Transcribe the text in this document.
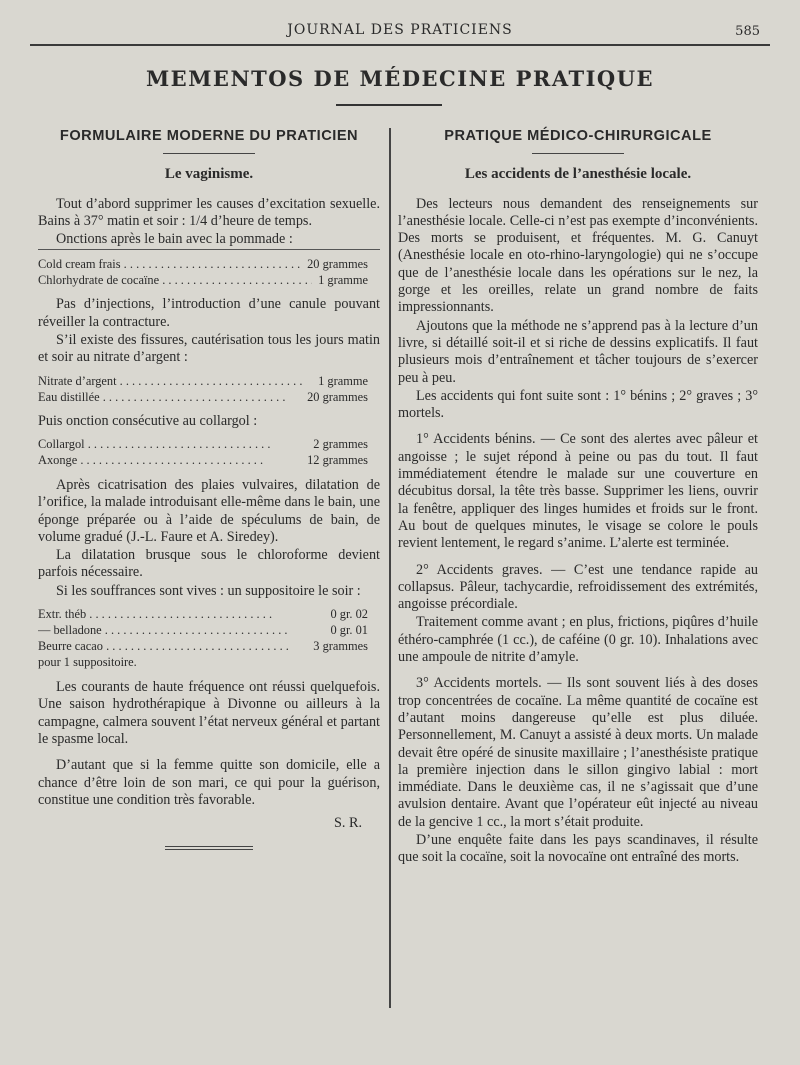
JOURNAL DES PRATICIENS	585
MEMENTOS DE MÉDECINE PRATIQUE
FORMULAIRE MODERNE DU PRATICIEN
Le vaginisme.

Tout d’abord supprimer les causes d’excitation sexuelle. Bains à 37° matin et soir : 1/4 d’heure de temps.

Onctions après le bain avec la pommade :

Cold cream frais . . .	20 grammes
Chlorhydrate de cocaïne . . .	1 gramme

Pas d’injections, l’introduction d’une canule pouvant réveiller la contracture.

S’il existe des fissures, cautérisation tous les jours matin et soir au nitrate d’argent :

Nitrate d’argent . . .	1 gramme
Eau distillée . . .	20 grammes

Puis onction consécutive au collargol :

Collargol . . .	2 grammes
Axonge . . .	12 grammes

Après cicatrisation des plaies vulvaires, dilatation de l’orifice, la malade introduisant elle-même dans le bain, une éponge préparée ou à l’aide de spéculums de bain, de volume gradué (J.-L. Faure et A. Siredey).

La dilatation brusque sous le chloroforme devient parfois nécessaire.

Si les souffrances sont vives : un suppositoire le soir :

Extr. théb . . .	0 gr. 02
— belladone . . .	0 gr. 01
Beurre cacao . . .	3 grammes
pour 1 suppositoire.

Les courants de haute fréquence ont réussi quelquefois. Une saison hydrothérapique à Divonne ou ailleurs à la campagne, calmera souvent l’état nerveux général et partant le spasme local.

D’autant que si la femme quitte son domicile, elle a chance d’être loin de son mari, ce qui pour la guérison, constitue une condition très favorable.

S. R.
PRATIQUE MÉDICO-CHIRURGICALE
Les accidents de l’anesthésie locale.

Des lecteurs nous demandent des renseignements sur l’anesthésie locale. Celle-ci n’est pas exempte d’inconvénients. Des morts se produisent, et fréquentes. M. G. Canuyt (Anesthésie locale en oto-rhino-laryngologie) qui ne s’occupe que de l’anesthésie locale dans les opérations sur le nez, la gorge et les oreilles, relate un grand nombre de faits impressionnants.

Ajoutons que la méthode ne s’apprend pas à la lecture d’un livre, si détaillé soit-il et si riche de dessins explicatifs. Il faut plusieurs mois d’entraînement et tâcher toujours de s’exercer peu à peu.

Les accidents qui font suite sont : 1° bénins ; 2° graves ; 3° mortels.

1° Accidents bénins. — Ce sont des alertes avec pâleur et angoisse ; le sujet répond à peine ou pas du tout. Il faut immédiatement étendre le malade sur une couverture en décubitus dorsal, la tête très basse. Supprimer les liens, ouvrir la fenêtre, appliquer des linges humides et froids sur le front. Au bout de quelques minutes, le visage se colore le pouls revient lentement, le regard s’anime. L’alerte est terminée.

2° Accidents graves. — C’est une tendance rapide au collapsus. Pâleur, tachycardie, refroidissement des extrémités, angoisse précordiale.

Traitement comme avant ; en plus, frictions, piqûres d’huile éthéro-camphrée (1 cc.), de caféine (0 gr. 10). Inhalations avec une ampoule de nitrite d’amyle.

3° Accidents mortels. — Ils sont souvent liés à des doses trop concentrées de cocaïne. La même quantité de cocaïne est d’autant moins dangereuse qu’elle est plus diluée. Personnellement, M. Canuyt a assisté à deux morts. Un malade devait être opéré de sinusite maxillaire ; l’anesthésiste pratique la première injection dans le sillon gingivo labial : mort immédiate. Dans le deuxième cas, il ne s’agissait que d’une avulsion dentaire. Avant que l’opérateur eût injecté au niveau de la gencive 1 cc., la mort s’était produite.

D’une enquête faite dans les pays scandinaves, il résulte que soit la cocaïne, soit la novocaïne ont entraîné des morts.
